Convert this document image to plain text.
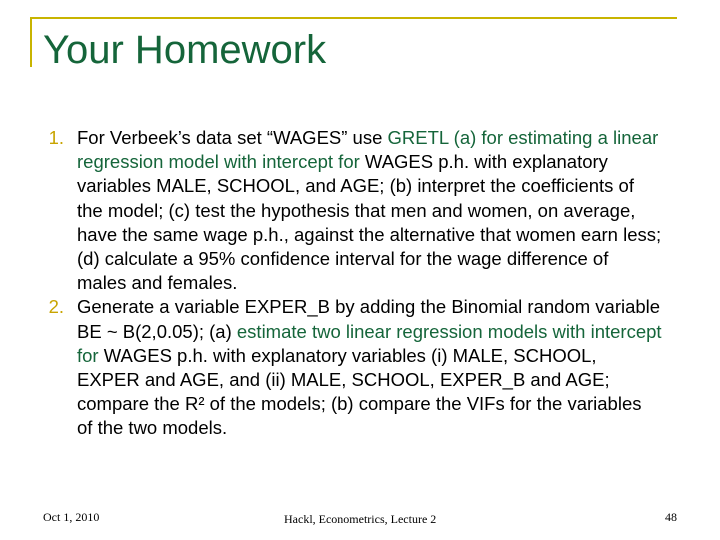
Your Homework
1. For Verbeek’s data set “WAGES” use GRETL (a) for estimating a linear regression model with intercept for WAGES p.h. with explanatory variables MALE, SCHOOL, and AGE; (b) interpret the coefficients of the model; (c) test the hypothesis that men and women, on average, have the same wage p.h., against the alternative that women earn less; (d) calculate a 95% confidence interval for the wage difference of males and females.
2. Generate a variable EXPER_B by adding the Binomial random variable BE ~ B(2,0.05); (a) estimate two linear regression models with intercept for WAGES p.h. with explanatory variables (i) MALE, SCHOOL, EXPER and AGE, and (ii) MALE, SCHOOL, EXPER_B and AGE; compare the R² of the models; (b) compare the VIFs for the variables of the two models.
Oct 1, 2010	Hackl, Econometrics, Lecture 2	48
